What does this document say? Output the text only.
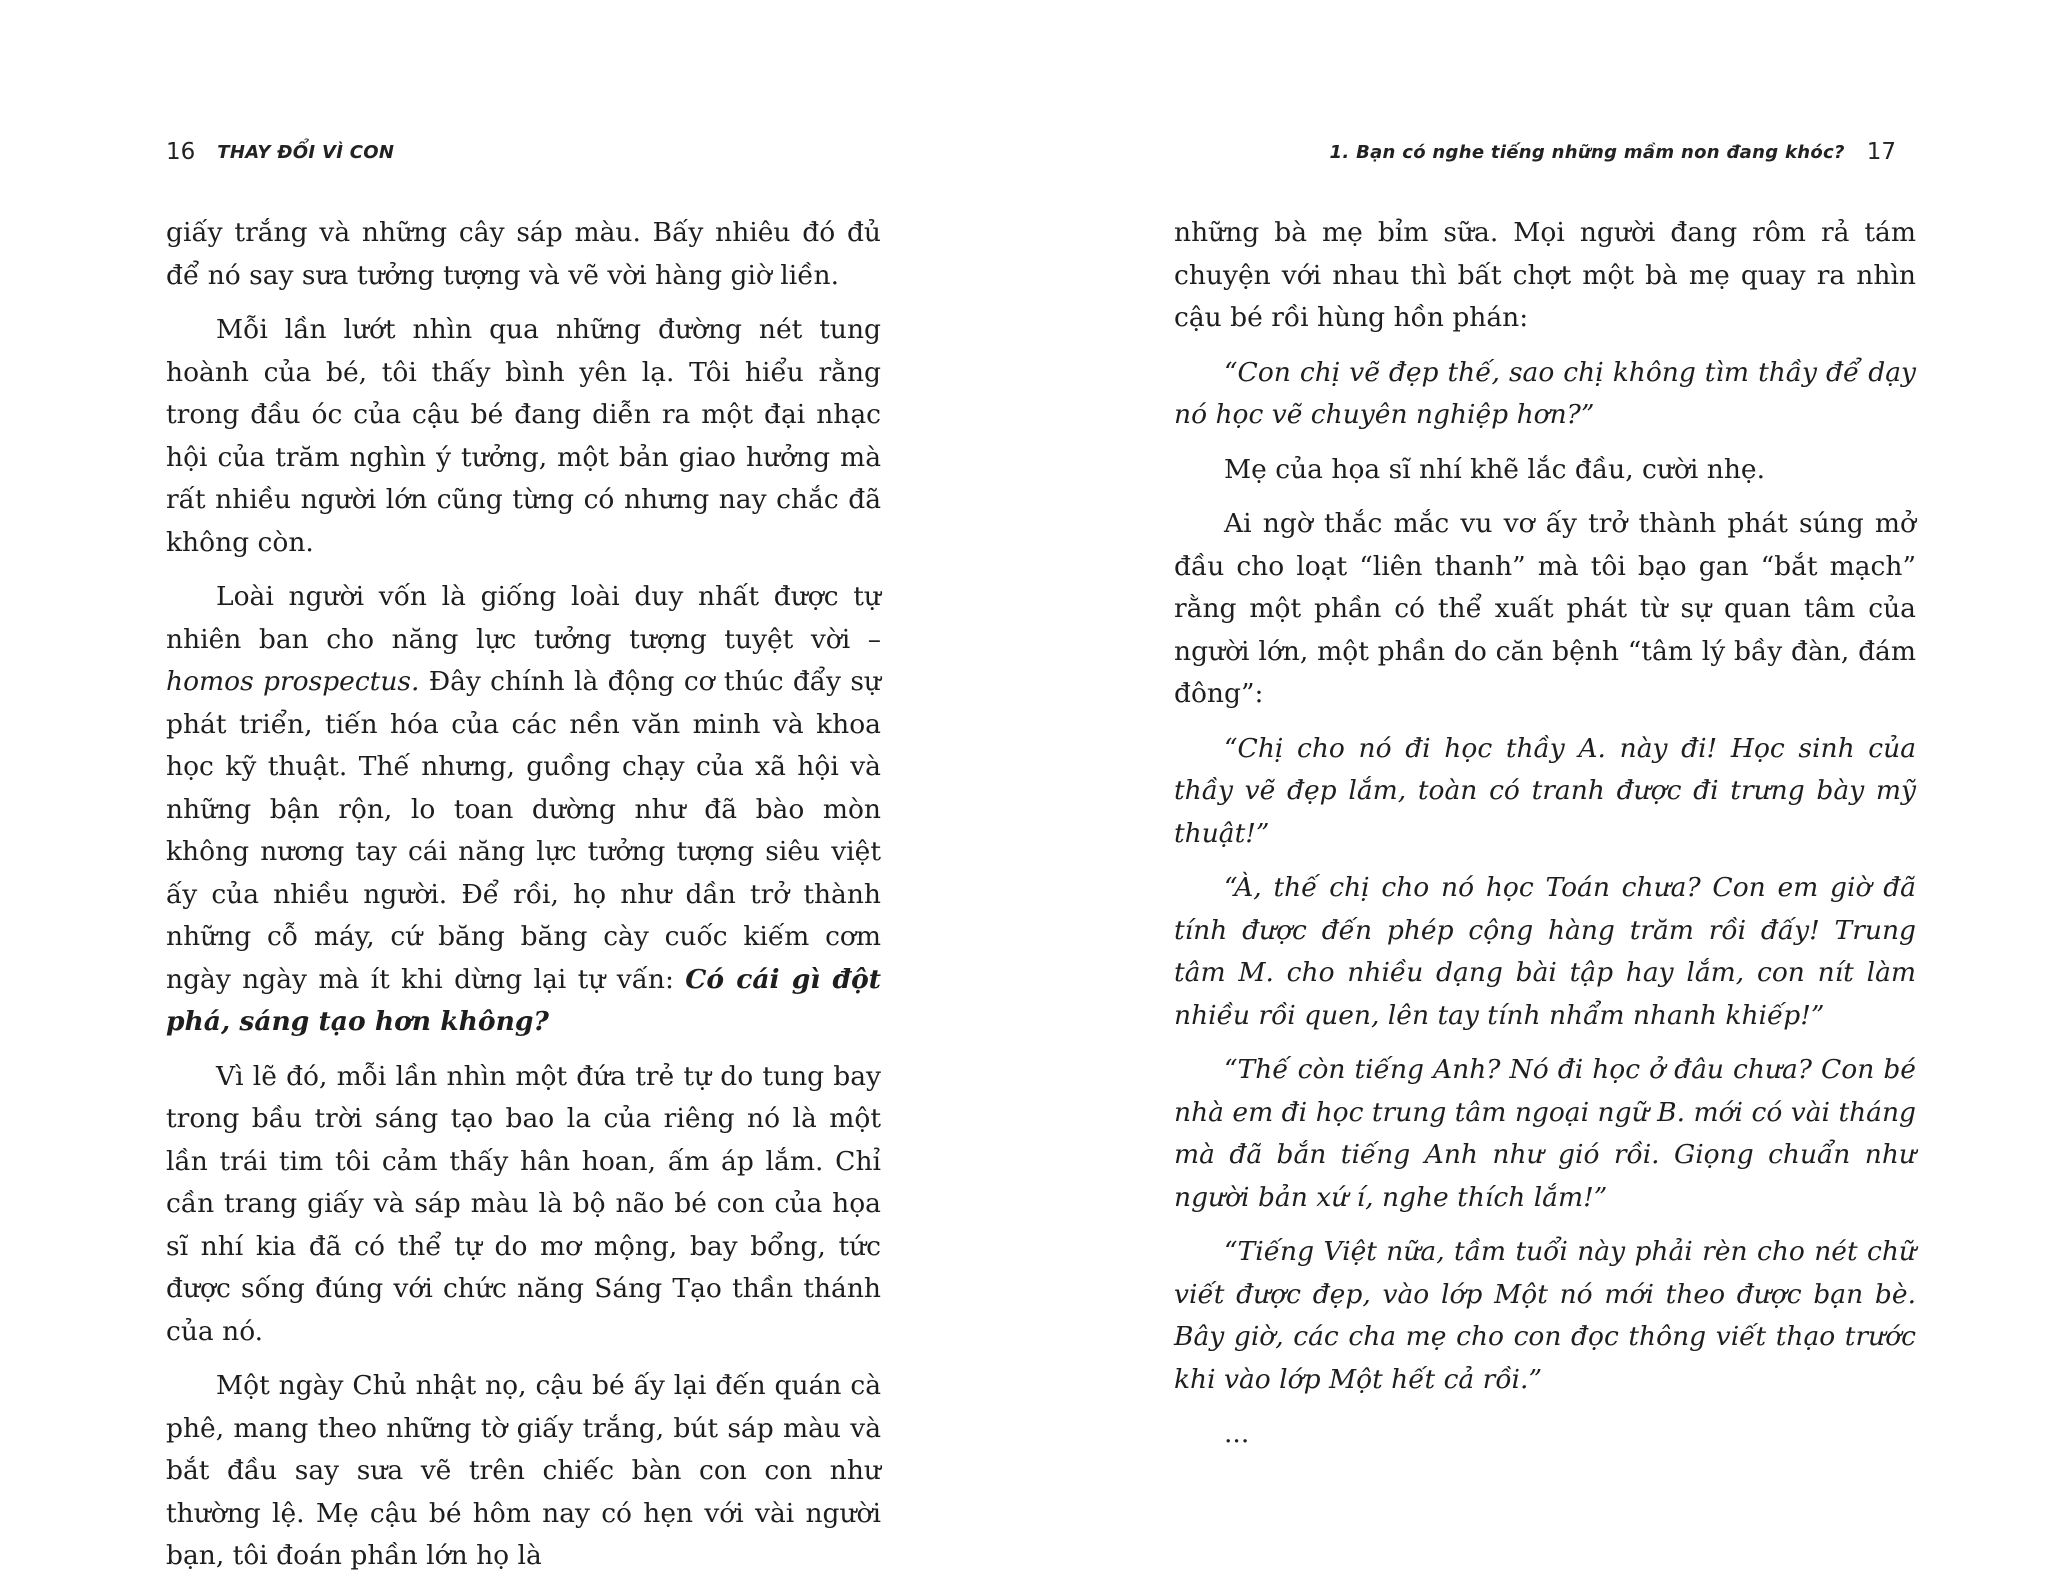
16 THAY ĐỔI VÌ CON

giấy trắng và những cây sáp màu. Bấy nhiêu đó đủ để nó say sưa tưởng tượng và vẽ vời hàng giờ liền.

Mỗi lần lướt nhìn qua những đường nét tung hoành của bé, tôi thấy bình yên lạ. Tôi hiểu rằng trong đầu óc của cậu bé đang diễn ra một đại nhạc hội của trăm nghìn ý tưởng, một bản giao hưởng mà rất nhiều người lớn cũng từng có nhưng nay chắc đã không còn.

Loài người vốn là giống loài duy nhất được tự nhiên ban cho năng lực tưởng tượng tuyệt vời – homos prospectus. Đây chính là động cơ thúc đẩy sự phát triển, tiến hóa của các nền văn minh và khoa học kỹ thuật. Thế nhưng, guồng chạy của xã hội và những bận rộn, lo toan dường như đã bào mòn không nương tay cái năng lực tưởng tượng siêu việt ấy của nhiều người. Để rồi, họ như dần trở thành những cỗ máy, cứ băng băng cày cuốc kiếm cơm ngày ngày mà ít khi dừng lại tự vấn: Có cái gì đột phá, sáng tạo hơn không?

Vì lẽ đó, mỗi lần nhìn một đứa trẻ tự do tung bay trong bầu trời sáng tạo bao la của riêng nó là một lần trái tim tôi cảm thấy hân hoan, ấm áp lắm. Chỉ cần trang giấy và sáp màu là bộ não bé con của họa sĩ nhí kia đã có thể tự do mơ mộng, bay bổng, tức được sống đúng với chức năng Sáng Tạo thần thánh của nó.

Một ngày Chủ nhật nọ, cậu bé ấy lại đến quán cà phê, mang theo những tờ giấy trắng, bút sáp màu và bắt đầu say sưa vẽ trên chiếc bàn con con như thường lệ. Mẹ cậu bé hôm nay có hẹn với vài người bạn, tôi đoán phần lớn họ là

1. Bạn có nghe tiếng những mầm non đang khóc? 17

những bà mẹ bỉm sữa. Mọi người đang rôm rả tám chuyện với nhau thì bất chợt một bà mẹ quay ra nhìn cậu bé rồi hùng hồn phán:

“Con chị vẽ đẹp thế, sao chị không tìm thầy để dạy nó học vẽ chuyên nghiệp hơn?”

Mẹ của họa sĩ nhí khẽ lắc đầu, cười nhẹ.

Ai ngờ thắc mắc vu vơ ấy trở thành phát súng mở đầu cho loạt “liên thanh” mà tôi bạo gan “bắt mạch” rằng một phần có thể xuất phát từ sự quan tâm của người lớn, một phần do căn bệnh “tâm lý bầy đàn, đám đông”:

“Chị cho nó đi học thầy A. này đi! Học sinh của thầy vẽ đẹp lắm, toàn có tranh được đi trưng bày mỹ thuật!”

“À, thế chị cho nó học Toán chưa? Con em giờ đã tính được đến phép cộng hàng trăm rồi đấy! Trung tâm M. cho nhiều dạng bài tập hay lắm, con nít làm nhiều rồi quen, lên tay tính nhẩm nhanh khiếp!”

“Thế còn tiếng Anh? Nó đi học ở đâu chưa? Con bé nhà em đi học trung tâm ngoại ngữ B. mới có vài tháng mà đã bắn tiếng Anh như gió rồi. Giọng chuẩn như người bản xứ í, nghe thích lắm!”

“Tiếng Việt nữa, tầm tuổi này phải rèn cho nét chữ viết được đẹp, vào lớp Một nó mới theo được bạn bè. Bây giờ, các cha mẹ cho con đọc thông viết thạo trước khi vào lớp Một hết cả rồi.”

...
